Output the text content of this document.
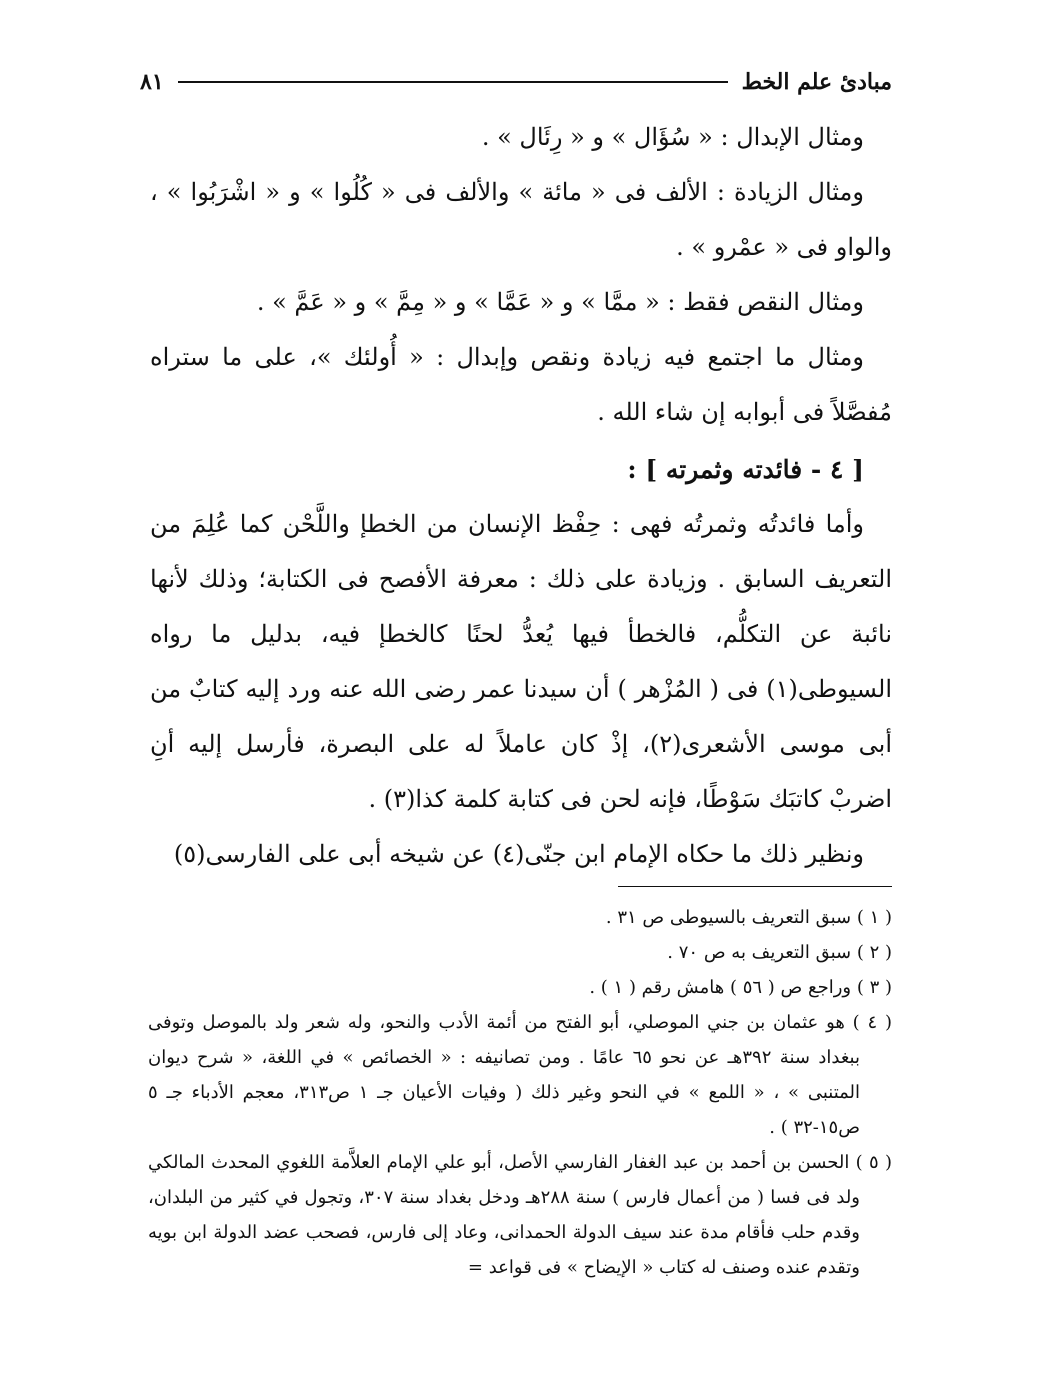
مبادئ علم الخط
٨١

ومثال الإبدال : « سُؤَال » و « رِئَال » .

ومثال الزيادة : الألف فى « مائة » والألف فى « كُلُوا » و « اشْرَبُوا » ، والواو فى « عمْرو » .

ومثال النقص فقط : « ممَّا » و « عَمَّا » و « مِمَّ » و « عَمَّ » .

ومثال ما اجتمع فيه زيادة ونقص وإبدال : « أُولئك »، على ما ستراه مُفصَّلاً فى أبوابه إن شاء الله .

[ ٤ - فائدته وثمرته ] :

وأما فائدتُه وثمرتُه فهى : حِفْظ الإنسان من الخطإ واللَّحْن كما عُلِمَ من التعريف السابق . وزيادة على ذلك : معرفة الأفصح فى الكتابة؛ وذلك لأنها نائبة عن التكلُّم، فالخطأ فيها يُعدُّ لحنًا كالخطإ فيه، بدليل ما رواه السيوطى(١) فى ( المُزْهر ) أن سيدنا عمر رضى الله عنه ورد إليه كتابٌ من أبى موسى الأشعرى(٢)، إذْ كان عاملاً له على البصرة، فأرسل إليه أنِ اضربْ كاتبَك سَوْطًا، فإنه لحن فى كتابة كلمة كذا(٣) .

ونظير ذلك ما حكاه الإمام ابن جنّى(٤) عن شيخه أبى على الفارسى(٥)

( ١ ) سبق التعريف بالسيوطى ص ٣١ .

( ٢ ) سبق التعريف به ص ٧٠ .

( ٣ ) وراجع ص ( ٥٦ ) هامش رقم ( ١ ) .

( ٤ ) هو عثمان بن جني الموصلي، أبو الفتح من أئمة الأدب والنحو، وله شعر ولد بالموصل وتوفى ببغداد سنة ٣٩٢هـ عن نحو ٦٥ عامًا . ومن تصانيفه : « الخصائص » في اللغة، « شرح ديوان المتنبى » ، « اللمع » في النحو وغير ذلك ( وفيات الأعيان جـ ١ ص٣١٣، معجم الأدباء جـ ٥ ص١٥-٣٢ ) .

( ٥ ) الحسن بن أحمد بن عبد الغفار الفارسي الأصل، أبو علي الإمام العلاَّمة اللغوي المحدث المالكي ولد فى فسا ( من أعمال فارس ) سنة ٢٨٨هـ ودخل بغداد سنة ٣٠٧، وتجول في كثير من البلدان، وقدم حلب فأقام مدة عند سيف الدولة الحمدانى، وعاد إلى فارس، فصحب عضد الدولة ابن بويه وتقدم عنده وصنف له كتاب « الإيضاح » فى قواعد =
